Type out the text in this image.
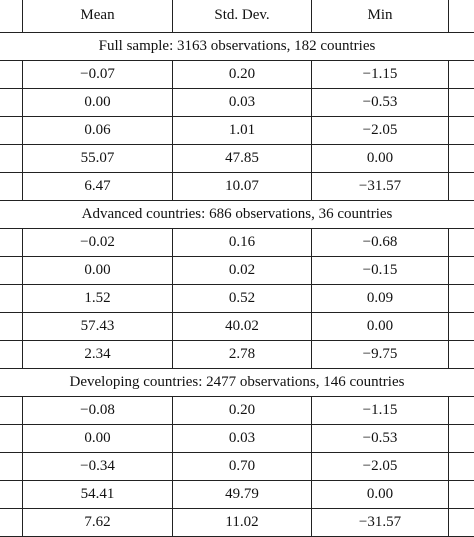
Mean	Std. Dev.	Min
Full sample: 3163 observations, 182 countries
−0.07	0.20	−1.15
0.00	0.03	−0.53
0.06	1.01	−2.05
55.07	47.85	0.00
6.47	10.07	−31.57
Advanced countries: 686 observations, 36 countries
−0.02	0.16	−0.68
0.00	0.02	−0.15
1.52	0.52	0.09
57.43	40.02	0.00
2.34	2.78	−9.75
Developing countries: 2477 observations, 146 countries
−0.08	0.20	−1.15
0.00	0.03	−0.53
−0.34	0.70	−2.05
54.41	49.79	0.00
7.62	11.02	−31.57
